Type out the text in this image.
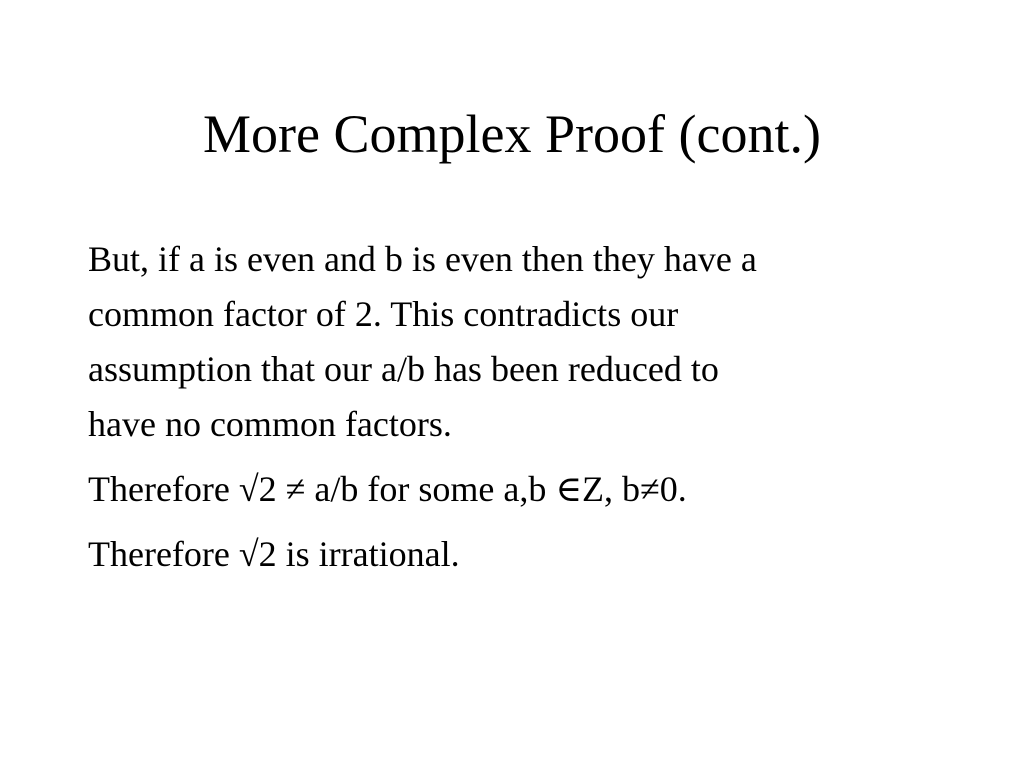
More Complex Proof (cont.)
But, if a is even and b is even then they have a
common factor of 2. This contradicts our
assumption that our a/b has been reduced to
have no common factors.
Therefore √2 ≠ a/b for some a,b ∈Z, b≠0.
Therefore √2 is irrational.
